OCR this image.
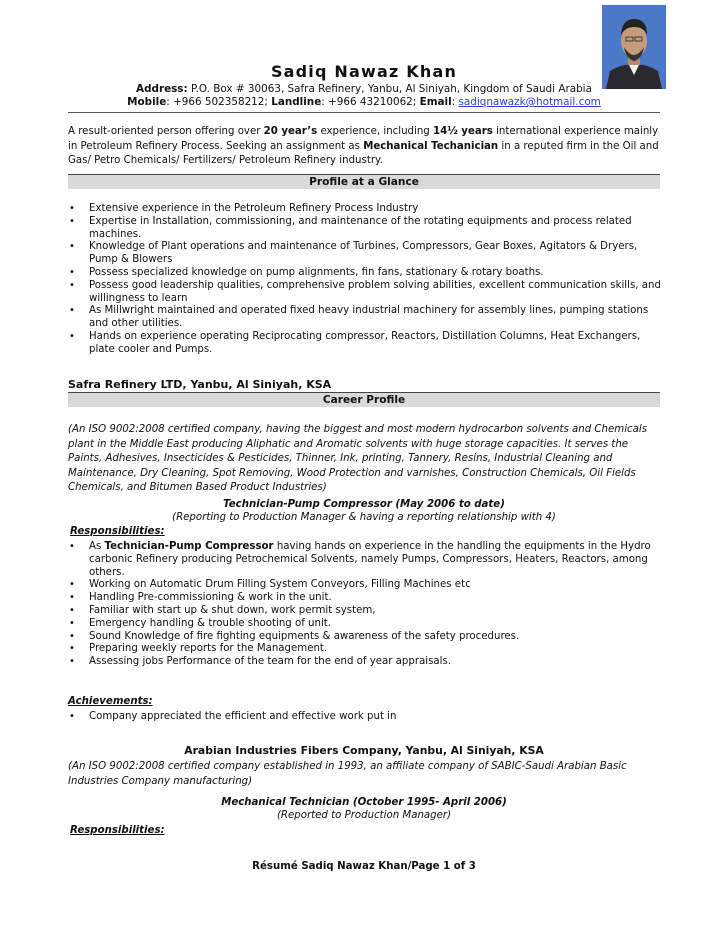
Sadiq Nawaz Khan
Address: P.O. Box # 30063, Safra Refinery, Yanbu, Al Siniyah, Kingdom of Saudi Arabia
Mobile: +966 502358212; Landline: +966 43210062; Email: sadiqnawazk@hotmail.com
A result-oriented person offering over 20 year’s experience, including 14½ years international experience mainly in Petroleum Refinery Process. Seeking an assignment as Mechanical Techanician in a reputed firm in the Oil and Gas/ Petro Chemicals/ Fertilizers/ Petroleum Refinery industry.
Profile at a Glance
• Extensive experience in the Petroleum Refinery Process Industry
• Expertise in Installation, commissioning, and maintenance of the rotating equipments and process related machines.
• Knowledge of Plant operations and maintenance of Turbines, Compressors, Gear Boxes, Agitators & Dryers, Pump & Blowers
• Possess specialized knowledge on pump alignments, fin fans, stationary & rotary boaths.
• Possess good leadership qualities, comprehensive problem solving abilities, excellent communication skills, and willingness to learn
• As Millwright maintained and operated fixed heavy industrial machinery for assembly lines, pumping stations and other utilities.
• Hands on experience operating Reciprocating compressor, Reactors, Distillation Columns, Heat Exchangers, plate cooler and Pumps.
Safra Refinery LTD, Yanbu, Al Siniyah, KSA
Career Profile
(An ISO 9002:2008 certified company, having the biggest and most modern hydrocarbon solvents and Chemicals plant in the Middle East producing Aliphatic and Aromatic solvents with huge storage capacities. It serves the Paints, Adhesives, Insecticides & Pesticides, Thinner, Ink, printing, Tannery, Resins, Industrial Cleaning and Maintenance, Dry Cleaning, Spot Removing, Wood Protection and varnishes, Construction Chemicals, Oil Fields Chemicals, and Bitumen Based Product Industries)
Technician-Pump Compressor (May 2006 to date)
(Reporting to Production Manager & having a reporting relationship with 4)
Responsibilities:
• As Technician-Pump Compressor having hands on experience in the handling the equipments in the Hydro carbonic Refinery producing Petrochemical Solvents, namely Pumps, Compressors, Heaters, Reactors, among others.
• Working on Automatic Drum Filling System Conveyors, Filling Machines etc
• Handling Pre-commissioning & work in the unit.
• Familiar with start up & shut down, work permit system,
• Emergency handling & trouble shooting of unit.
• Sound Knowledge of fire fighting equipments & awareness of the safety procedures.
• Preparing weekly reports for the Management.
• Assessing jobs Performance of the team for the end of year appraisals.
Achievements:
• Company appreciated the efficient and effective work put in
Arabian Industries Fibers Company, Yanbu, Al Siniyah, KSA
(An ISO 9002:2008 certified company established in 1993, an affiliate company of SABIC-Saudi Arabian Basic Industries Company manufacturing)
Mechanical Technician (October 1995- April 2006)
(Reported to Production Manager)
Responsibilities:
Résumé Sadiq Nawaz Khan/Page 1 of 3
